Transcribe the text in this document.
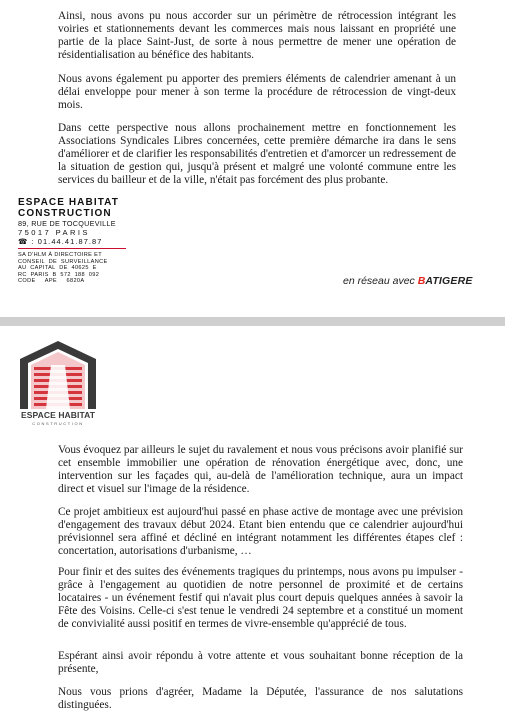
Ainsi, nous avons pu nous accorder sur un périmètre de rétrocession intégrant les voiries et stationnements devant les commerces mais nous laissant en propriété une partie de la place Saint-Just, de sorte à nous permettre de mener une opération de résidentialisation au bénéfice des habitants.

Nous avons également pu apporter des premiers éléments de calendrier amenant à un délai enveloppe pour mener à son terme la procédure de rétrocession de vingt-deux mois.

Dans cette perspective nous allons prochainement mettre en fonctionnement les Associations Syndicales Libres concernées, cette première démarche ira dans le sens d'améliorer et de clarifier les responsabilités d'entretien et d'amorcer un redressement de la situation de gestion qui, jusqu'à présent et malgré une volonté commune entre les services du bailleur et de la ville, n'était pas forcément des plus probante.

ESPACE HABITAT
CONSTRUCTION
89, RUE DE TOCQUEVILLE
75017 PARIS
☎ : 01.44.41.87.87
SA D'HLM À DIRECTOIRE ET
CONSEIL  DE  SURVEILLANCE
AU  CAPITAL  DE  40625  E
RC  PARIS  B  572  188  092
CODE     APE     6820A	en réseau avec BATIGERE
ESPACE HABITAT
CONSTRUCTION

Vous évoquez par ailleurs le sujet du ravalement et nous vous précisons avoir planifié sur cet ensemble immobilier une opération de rénovation énergétique avec, donc, une intervention sur les façades qui, au-delà de l'amélioration technique, aura un impact direct et visuel sur l'image de la résidence.

Ce projet ambitieux est aujourd'hui passé en phase active de montage avec une prévision d'engagement des travaux début 2024. Etant bien entendu que ce calendrier aujourd'hui prévisionnel sera affiné et décliné en intégrant notamment les différentes étapes clef : concertation, autorisations d'urbanisme, …

Pour finir et des suites des événements tragiques du printemps, nous avons pu impulser - grâce à l'engagement au quotidien de notre personnel de proximité et de certains locataires - un événement festif qui n'avait plus court depuis quelques années à savoir la Fête des Voisins. Celle-ci s'est tenue le vendredi 24 septembre et a constitué un moment de convivialité aussi positif en termes de vivre-ensemble qu'apprécié de tous.

Espérant ainsi avoir répondu à votre attente et vous souhaitant bonne réception de la présente,

Nous vous prions d'agréer, Madame la Députée, l'assurance de nos salutations distinguées.
